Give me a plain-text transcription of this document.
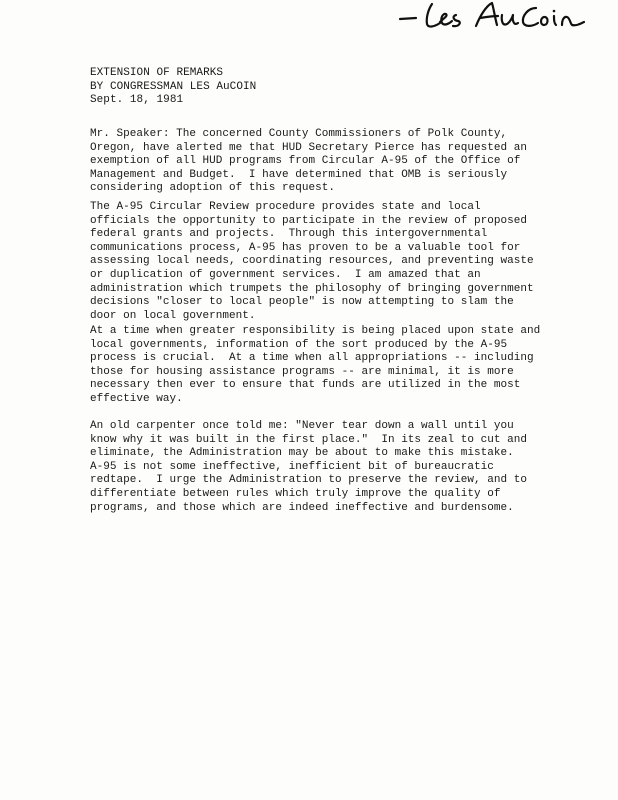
EXTENSION OF REMARKS
BY CONGRESSMAN LES AuCOIN
Sept. 18, 1981
Mr. Speaker: The concerned County Commissioners of Polk County,
Oregon, have alerted me that HUD Secretary Pierce has requested an
exemption of all HUD programs from Circular A-95 of the Office of
Management and Budget.  I have determined that OMB is seriously
considering adoption of this request.
The A-95 Circular Review procedure provides state and local
officials the opportunity to participate in the review of proposed
federal grants and projects.  Through this intergovernmental
communications process, A-95 has proven to be a valuable tool for
assessing local needs, coordinating resources, and preventing waste
or duplication of government services.  I am amazed that an
administration which trumpets the philosophy of bringing government
decisions "closer to local people" is now attempting to slam the
door on local government.
At a time when greater responsibility is being placed upon state and
local governments, information of the sort produced by the A-95
process is crucial.  At a time when all appropriations -- including
those for housing assistance programs -- are minimal, it is more
necessary then ever to ensure that funds are utilized in the most
effective way.
An old carpenter once told me: "Never tear down a wall until you
know why it was built in the first place."  In its zeal to cut and
eliminate, the Administration may be about to make this mistake.
A-95 is not some ineffective, inefficient bit of bureaucratic
redtape.  I urge the Administration to preserve the review, and to
differentiate between rules which truly improve the quality of
programs, and those which are indeed ineffective and burdensome.
